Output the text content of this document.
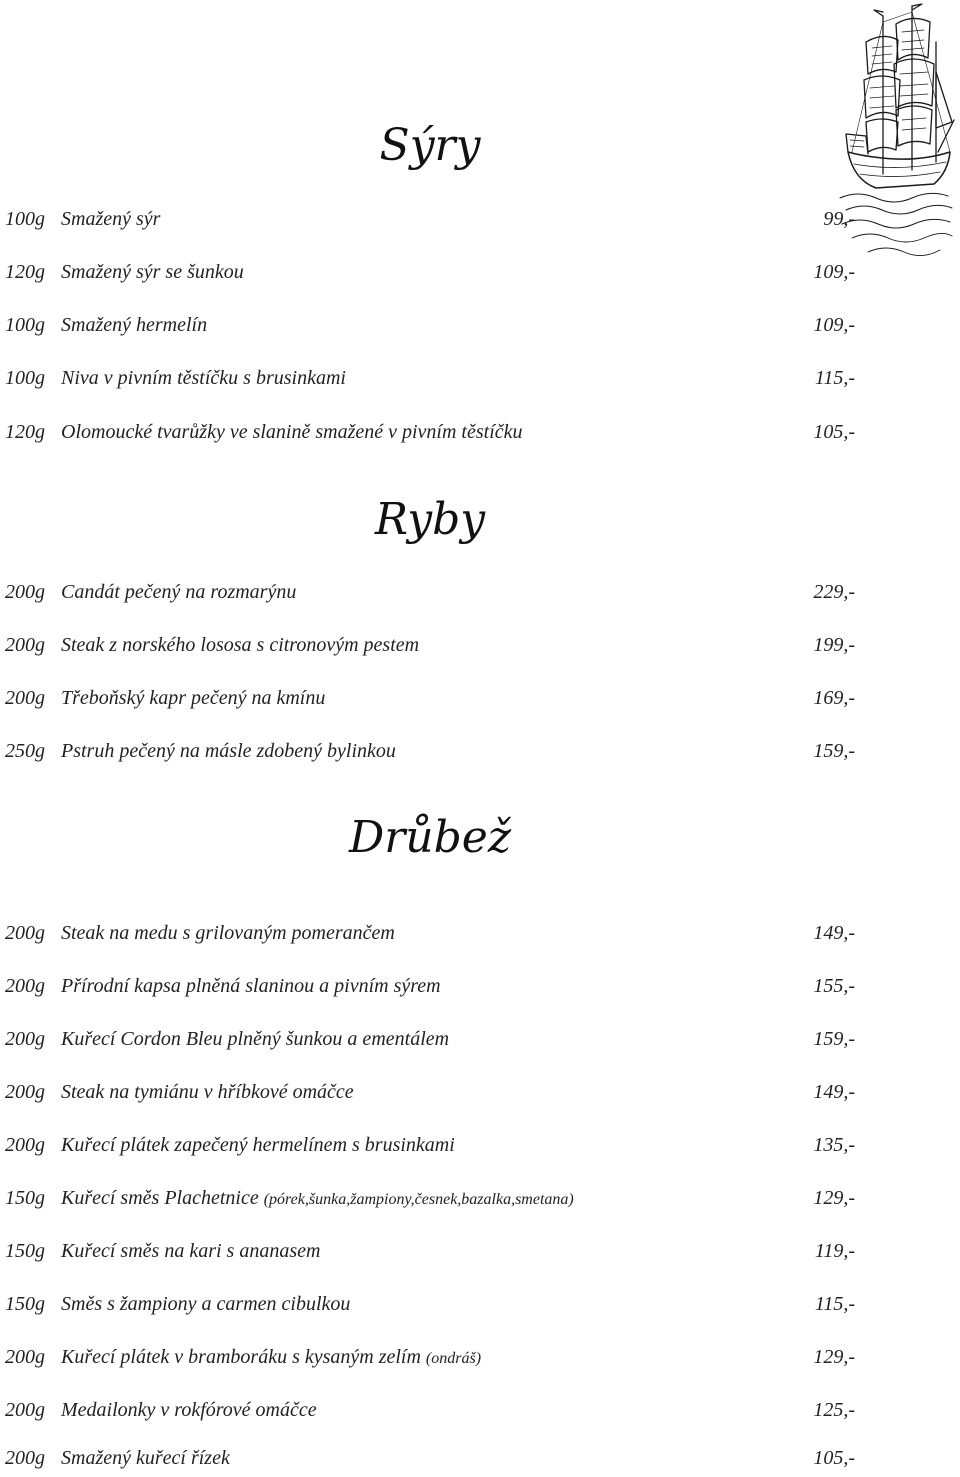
Sýry
100g Smažený sýr	99,-
120g Smažený sýr se šunkou	109,-
100g Smažený hermelín	109,-
100g Niva v pivním těstíčku s brusinkami	115,-
120g Olomoucké tvarůžky ve slanině smažené v pivním těstíčku	105,-
Ryby
200g Candát pečený na rozmarýnu	229,-
200g Steak z norského lososa s citronovým pestem	199,-
200g Třeboňský kapr pečený na kmínu	169,-
250g Pstruh pečený na másle zdobený bylinkou	159,-
Drůbež
200g Steak na medu s grilovaným pomerančem	149,-
200g Přírodní kapsa plněná slaninou a pivním sýrem	155,-
200g Kuřecí Cordon Bleu plněný šunkou a ementálem	159,-
200g Steak na tymiánu v hříbkové omáčce	149,-
200g Kuřecí plátek zapečený hermelínem s brusinkami	135,-
150g Kuřecí směs Plachetnice (pórek,šunka,žampiony,česnek,bazalka,smetana)	129,-
150g Kuřecí směs na kari s ananasem	119,-
150g Směs s žampiony a carmen cibulkou	115,-
200g Kuřecí plátek v bramboráku s kysaným zelím (ondráš)	129,-
200g Medailonky v rokfórové omáčce	125,-
200g Smažený kuřecí řízek	105,-
